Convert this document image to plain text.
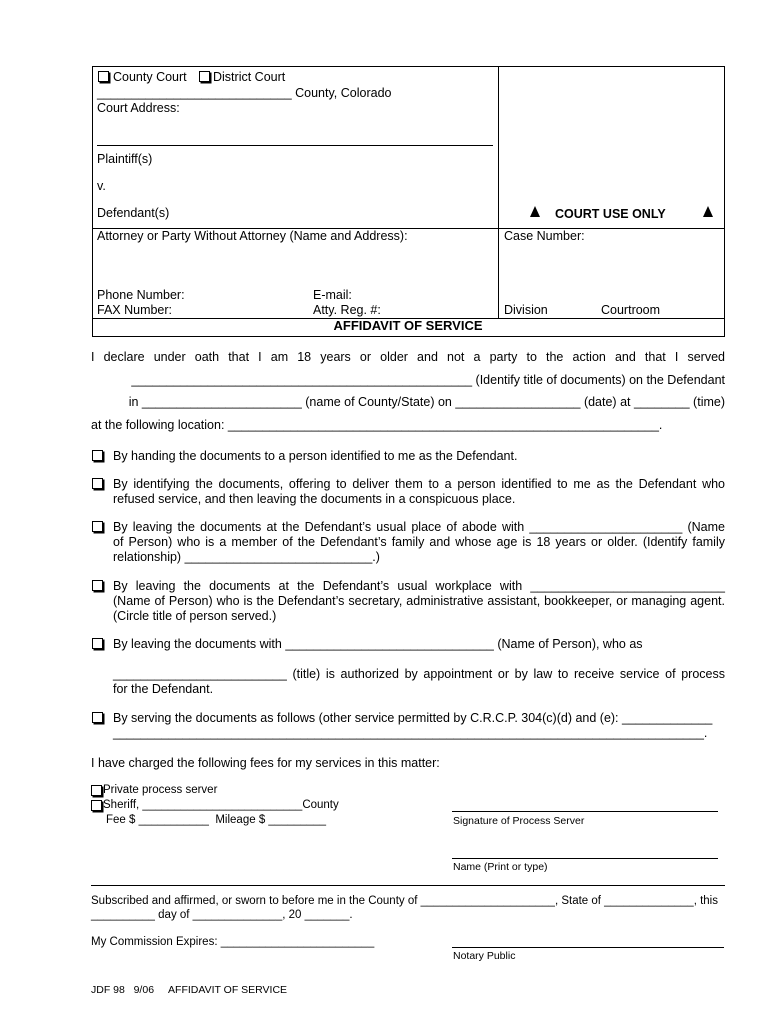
County Court District Court
____________________________ County, Colorado
Court Address:
Plaintiff(s)
v.
Defendant(s)	COURT USE ONLY
Attorney or Party Without Attorney (Name and Address):	Case Number:
Phone Number:	E-mail:
FAX Number:	Atty. Reg. #:	Division	Courtroom
AFFIDAVIT OF SERVICE
I declare under oath that I am 18 years or older and not a party to the action and that I served
_________________________________________________ (Identify title of documents) on the Defendant
in _______________________ (name of County/State) on __________________ (date) at ________ (time)
at the following location: ______________________________________________________________.
By handing the documents to a person identified to me as the Defendant.
By identifying the documents, offering to deliver them to a person identified to me as the Defendant who
refused service, and then leaving the documents in a conspicuous place.
By leaving the documents at the Defendant’s usual place of abode with ______________________ (Name
of Person) who is a member of the Defendant’s family and whose age is 18 years or older. (Identify family
relationship) ___________________________.)
By leaving the documents at the Defendant’s usual workplace with ____________________________
(Name of Person) who is the Defendant’s secretary, administrative assistant, bookkeeper, or managing agent.
(Circle title of person served.)
By leaving the documents with ______________________________ (Name of Person), who as
_________________________ (title) is authorized by appointment or by law to receive service of process
for the Defendant.
By serving the documents as follows (other service permitted by C.R.C.P. 304(c)(d) and (e): _____________
_____________________________________________________________________________________.
I have charged the following fees for my services in this matter:
Private process server
Sheriff, _________________________County
Fee $ ___________  Mileage $ _________	Signature of Process Server
Name (Print or type)
Subscribed and affirmed, or sworn to before me in the County of _____________________, State of ______________, this
__________ day of ______________, 20 _______.
My Commission Expires: ________________________
Notary Public
JDF 98   9/06     AFFIDAVIT OF SERVICE
